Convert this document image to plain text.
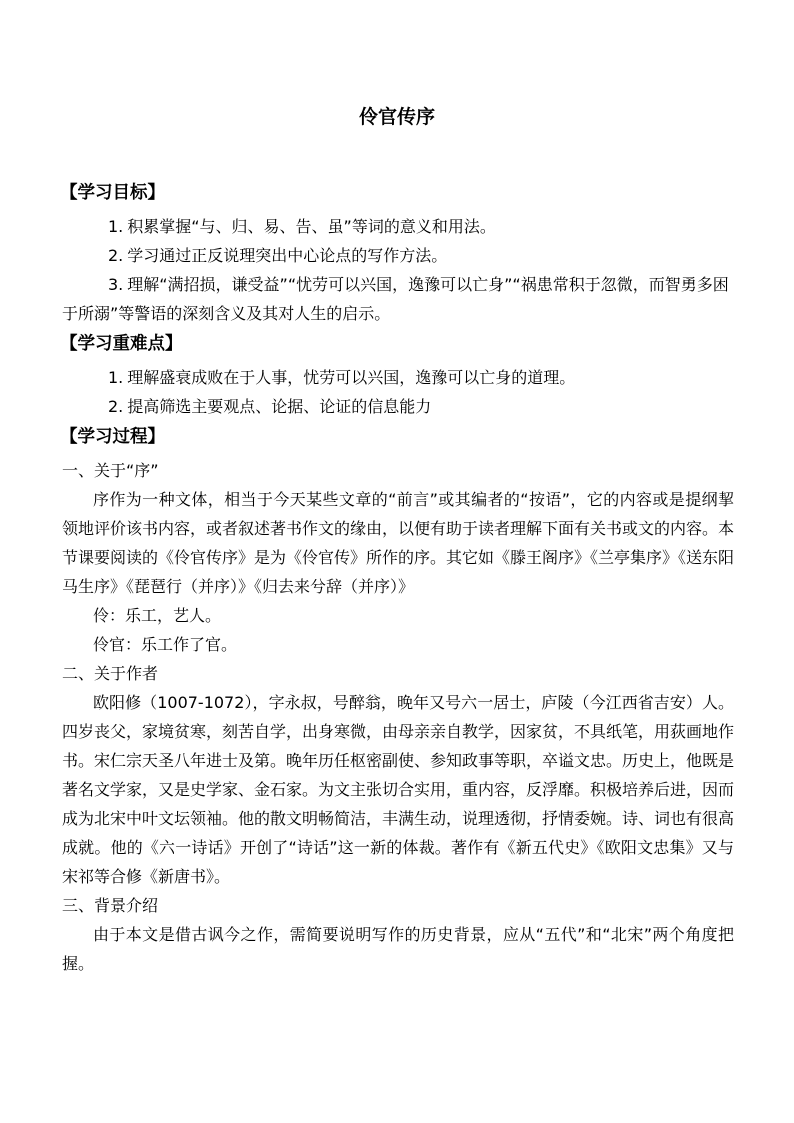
伶官传序
【学习目标】
1. 积累掌握“与、归、易、告、虽”等词的意义和用法。
2. 学习通过正反说理突出中心论点的写作方法。
3. 理解“满招损，谦受益”“忧劳可以兴国，逸豫可以亡身”“祸患常积于忽微，而智勇多困于所溺”等警语的深刻含义及其对人生的启示。
【学习重难点】
1. 理解盛衰成败在于人事，忧劳可以兴国，逸豫可以亡身的道理。
2. 提高筛选主要观点、论据、论证的信息能力
【学习过程】
一、关于“序”

序作为一种文体，相当于今天某些文章的“前言”或其编者的“按语”，它的内容或是提纲挈领地评价该书内容，或者叙述著书作文的缘由，以便有助于读者理解下面有关书或文的内容。本节课要阅读的《伶官传序》是为《伶官传》所作的序。其它如《滕王阁序》《兰亭集序》《送东阳马生序》《琵琶行（并序）》《归去来兮辞（并序）》

伶：乐工，艺人。

伶官：乐工作了官。

二、关于作者

欧阳修（1007-1072），字永叔，号醉翁，晚年又号六一居士，庐陵（今江西省吉安）人。四岁丧父，家境贫寒，刻苦自学，出身寒微，由母亲亲自教学，因家贫，不具纸笔，用荻画地作书。宋仁宗天圣八年进士及第。晚年历任枢密副使、参知政事等职，卒谥文忠。历史上，他既是著名文学家，又是史学家、金石家。为文主张切合实用，重内容，反浮靡。积极培养后进，因而成为北宋中叶文坛领袖。他的散文明畅简洁，丰满生动，说理透彻，抒情委婉。诗、词也有很高成就。他的《六一诗话》开创了“诗话”这一新的体裁。著作有《新五代史》《欧阳文忠集》又与宋祁等合修《新唐书》。

三、背景介绍

由于本文是借古讽今之作，需简要说明写作的历史背景，应从“五代”和“北宋”两个角度把握。
